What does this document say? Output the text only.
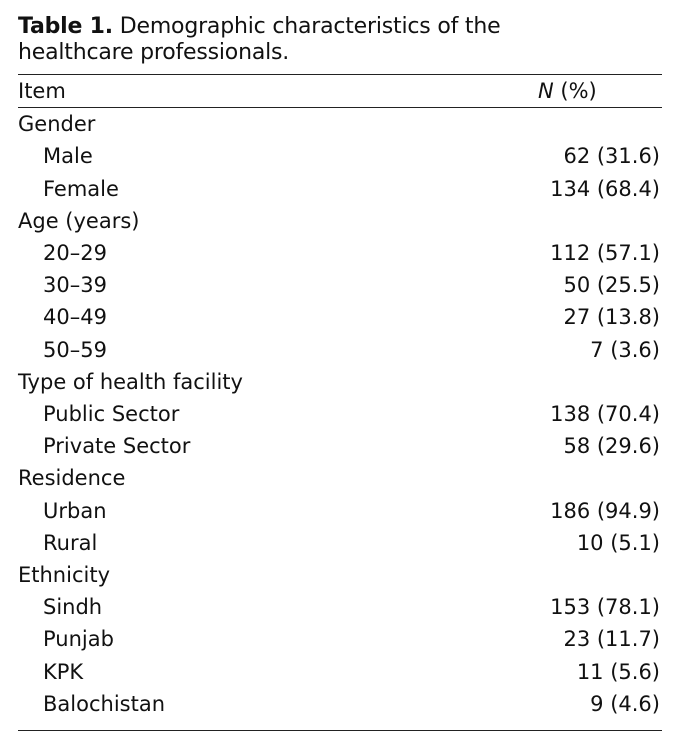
Table 1. Demographic characteristics of the healthcare professionals.
Item	N (%)
Gender	
Male	62 (31.6)
Female	134 (68.4)
Age (years)	
20–29	112 (57.1)
30–39	50 (25.5)
40–49	27 (13.8)
50–59	7 (3.6)
Type of health facility	
Public Sector	138 (70.4)
Private Sector	58 (29.6)
Residence	
Urban	186 (94.9)
Rural	10 (5.1)
Ethnicity	
Sindh	153 (78.1)
Punjab	23 (11.7)
KPK	11 (5.6)
Balochistan	9 (4.6)
